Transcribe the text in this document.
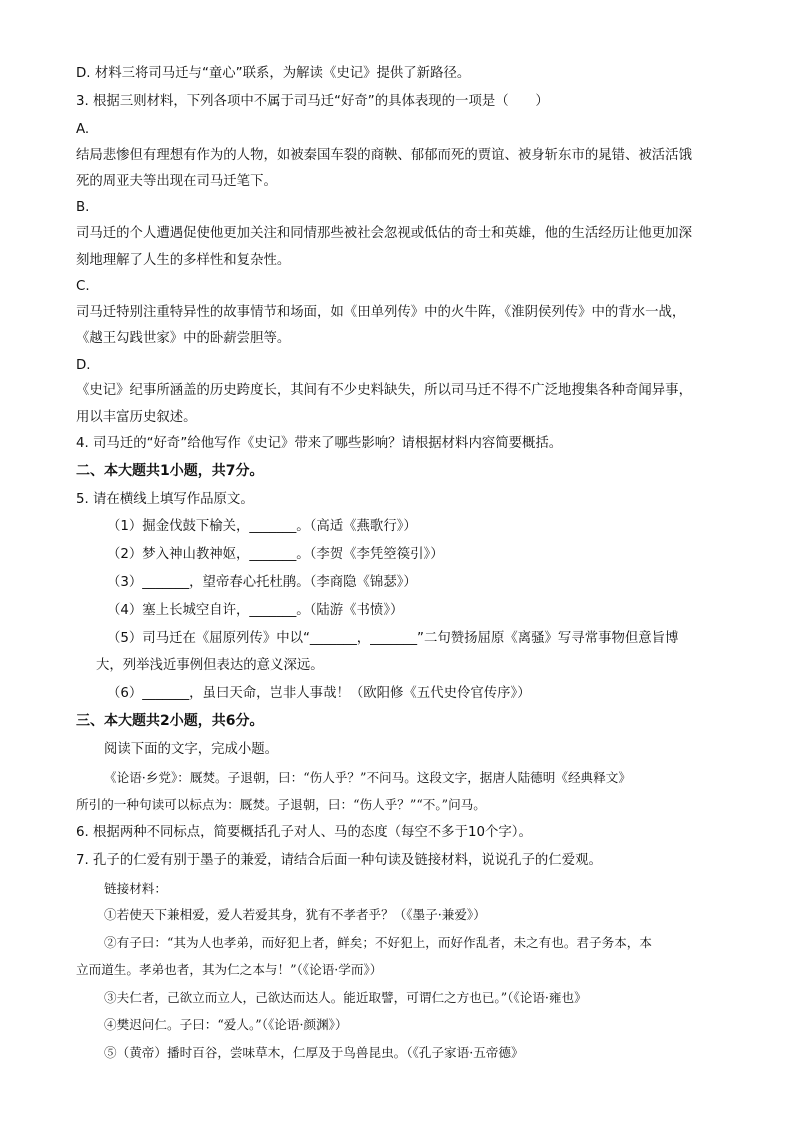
D. 材料三将司马迁与“童心”联系，为解读《史记》提供了新路径。
3. 根据三则材料，下列各项中不属于司马迁“好奇”的具体表现的一项是（　　）
A.
结局悲惨但有理想有作为的人物，如被秦国车裂的商鞅、郁郁而死的贾谊、被身斩东市的晁错、被活活饿
死的周亚夫等出现在司马迁笔下。
B.
司马迁的个人遭遇促使他更加关注和同情那些被社会忽视或低估的奇士和英雄，他的生活经历让他更加深
刻地理解了人生的多样性和复杂性。
C.
司马迁特别注重特异性的故事情节和场面，如《田单列传》中的火牛阵，《淮阴侯列传》中的背水一战，
《越王勾践世家》中的卧薪尝胆等。
D.
《史记》纪事所涵盖的历史跨度长，其间有不少史料缺失，所以司马迁不得不广泛地搜集各种奇闻异事，
用以丰富历史叙述。
4. 司马迁的“好奇”给他写作《史记》带来了哪些影响？请根据材料内容简要概括。
二、本大题共1小题，共7分。
5. 请在横线上填写作品原文。
（1）掘金伐鼓下榆关，_______。（高适《燕歌行》）
（2）梦入神山教神妪，_______。（李贺《李凭箜篌引》）
（3）_______，望帝春心托杜鹃。（李商隐《锦瑟》）
（4）塞上长城空自许，_______。（陆游《书愤》）
（5）司马迁在《屈原列传》中以“_______，_______”二句赞扬屈原《离骚》写寻常事物但意旨博
大，列举浅近事例但表达的意义深远。
（6）_______，虽曰天命，岂非人事哉！（欧阳修《五代史伶官传序》）
三、本大题共2小题，共6分。
阅读下面的文字，完成小题。
《论语·乡党》：厩焚。子退朝，曰：“伤人乎？”不问马。这段文字，据唐人陆德明《经典释文》
所引的一种句读可以标点为：厩焚。子退朝，曰：“伤人乎？”“不。”问马。
6. 根据两种不同标点，简要概括孔子对人、马的态度（每空不多于10个字）。
7. 孔子的仁爱有别于墨子的兼爱，请结合后面一种句读及链接材料，说说孔子的仁爱观。
链接材料：
①若使天下兼相爱，爱人若爱其身，犹有不孝者乎？（《墨子·兼爱》）
②有子曰：“其为人也孝弟，而好犯上者，鲜矣；不好犯上，而好作乱者，未之有也。君子务本，本
立而道生。孝弟也者，其为仁之本与！”（《论语·学而》）
③夫仁者，己欲立而立人，己欲达而达人。能近取譬，可谓仁之方也已。”（《论语·雍也》
④樊迟问仁。子曰：“爱人。”（《论语·颜渊》）
⑤（黄帝）播时百谷，尝味草木，仁厚及于鸟兽昆虫。（《孔子家语·五帝德》
